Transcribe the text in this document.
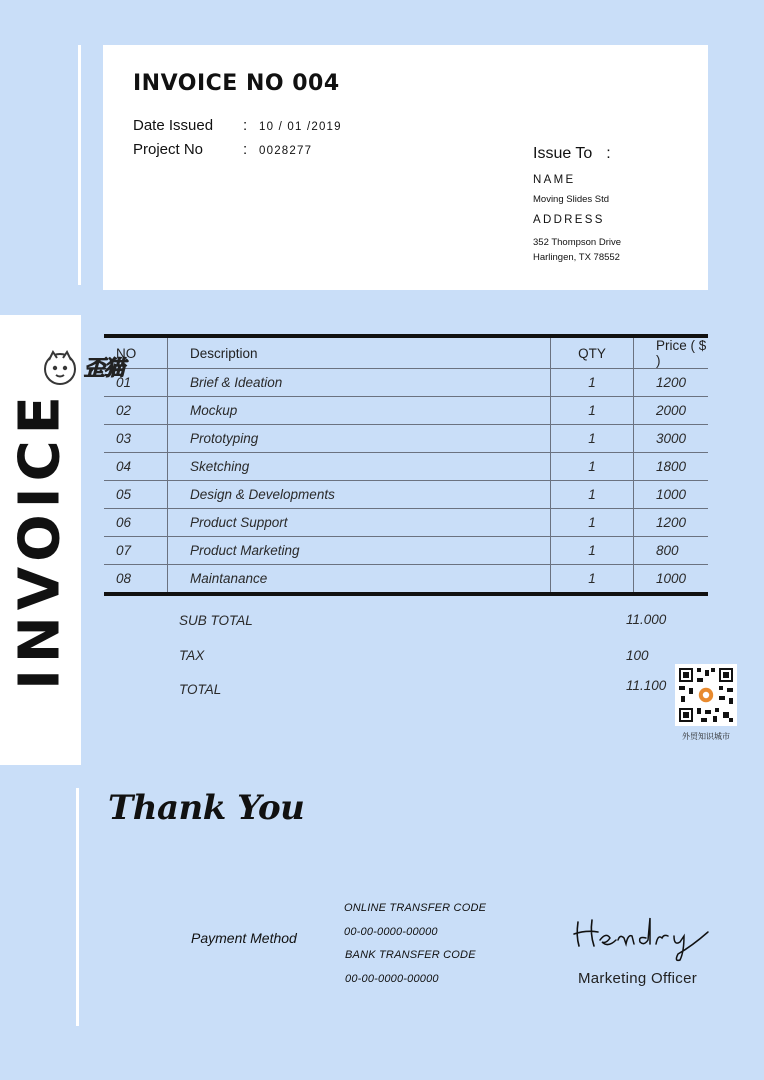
INVOICE NO 004
Date Issued : 10 / 01 /2019
Project No	: 0028277	Issue To :
NAME
Moving Slides Std
ADDRESS
352 Thompson Drive
Harlingen, TX 78552
INVOICE
NO	Description	QTY	Price ( $ )
01	Brief & Ideation	1	1200
02	Mockup	1	2000
03	Prototyping	1	3000
04	Sketching	1	1800
05	Design & Developments	1	1000
06	Product Support	1	1200
07	Product Marketing	1	800
08	Maintanance	1	1000
歪猫
SUB TOTAL	11.000
TAX	100
TOTAL	11.100
外贸知识城市
Thank You
Payment Method
ONLINE TRANSFER CODE
00-00-0000-00000
BANK TRANSFER CODE
00-00-0000-00000	Marketing Officer
